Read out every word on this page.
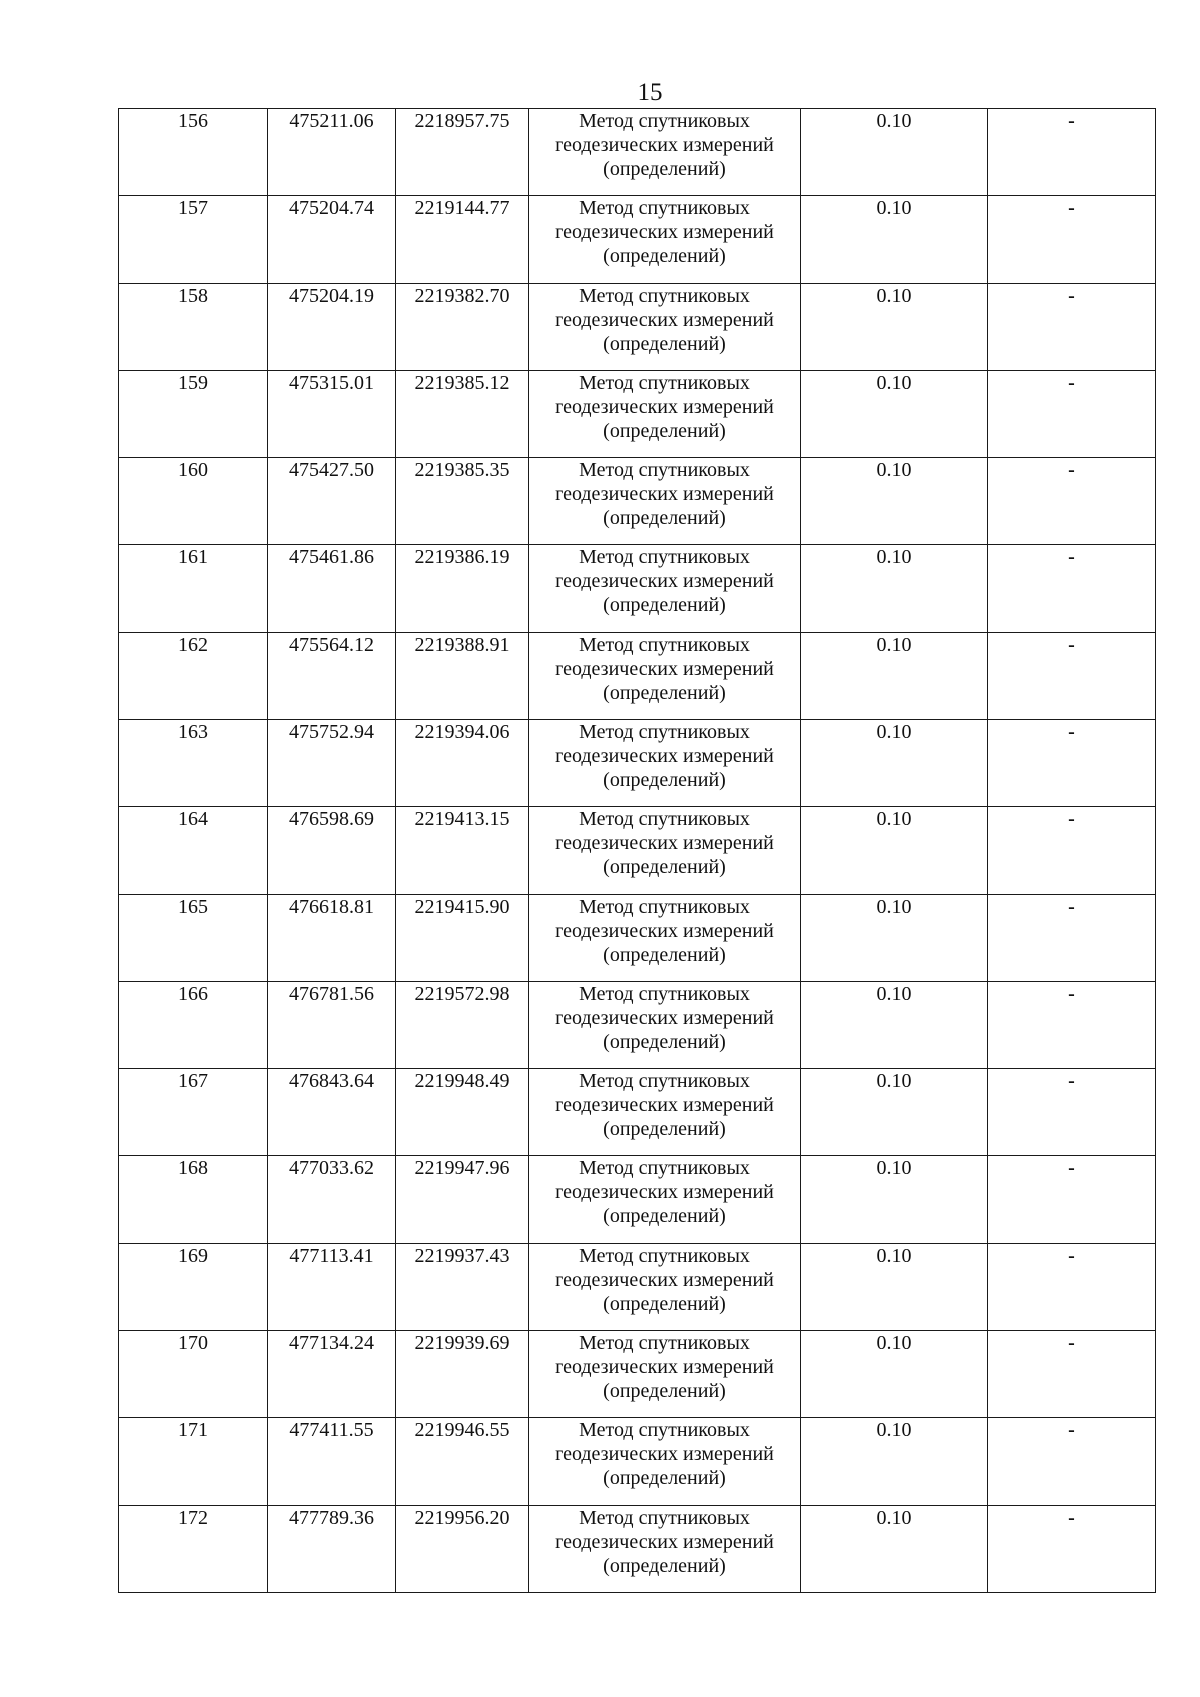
15
156	475211.06	2218957.75	Метод спутниковых
геодезических измерений
(определений)	0.10	-
157	475204.74	2219144.77	Метод спутниковых
геодезических измерений
(определений)	0.10	-
158	475204.19	2219382.70	Метод спутниковых
геодезических измерений
(определений)	0.10	-
159	475315.01	2219385.12	Метод спутниковых
геодезических измерений
(определений)	0.10	-
160	475427.50	2219385.35	Метод спутниковых
геодезических измерений
(определений)	0.10	-
161	475461.86	2219386.19	Метод спутниковых
геодезических измерений
(определений)	0.10	-
162	475564.12	2219388.91	Метод спутниковых
геодезических измерений
(определений)	0.10	-
163	475752.94	2219394.06	Метод спутниковых
геодезических измерений
(определений)	0.10	-
164	476598.69	2219413.15	Метод спутниковых
геодезических измерений
(определений)	0.10	-
165	476618.81	2219415.90	Метод спутниковых
геодезических измерений
(определений)	0.10	-
166	476781.56	2219572.98	Метод спутниковых
геодезических измерений
(определений)	0.10	-
167	476843.64	2219948.49	Метод спутниковых
геодезических измерений
(определений)	0.10	-
168	477033.62	2219947.96	Метод спутниковых
геодезических измерений
(определений)	0.10	-
169	477113.41	2219937.43	Метод спутниковых
геодезических измерений
(определений)	0.10	-
170	477134.24	2219939.69	Метод спутниковых
геодезических измерений
(определений)	0.10	-
171	477411.55	2219946.55	Метод спутниковых
геодезических измерений
(определений)	0.10	-
172	477789.36	2219956.20	Метод спутниковых
геодезических измерений
(определений)	0.10	-
